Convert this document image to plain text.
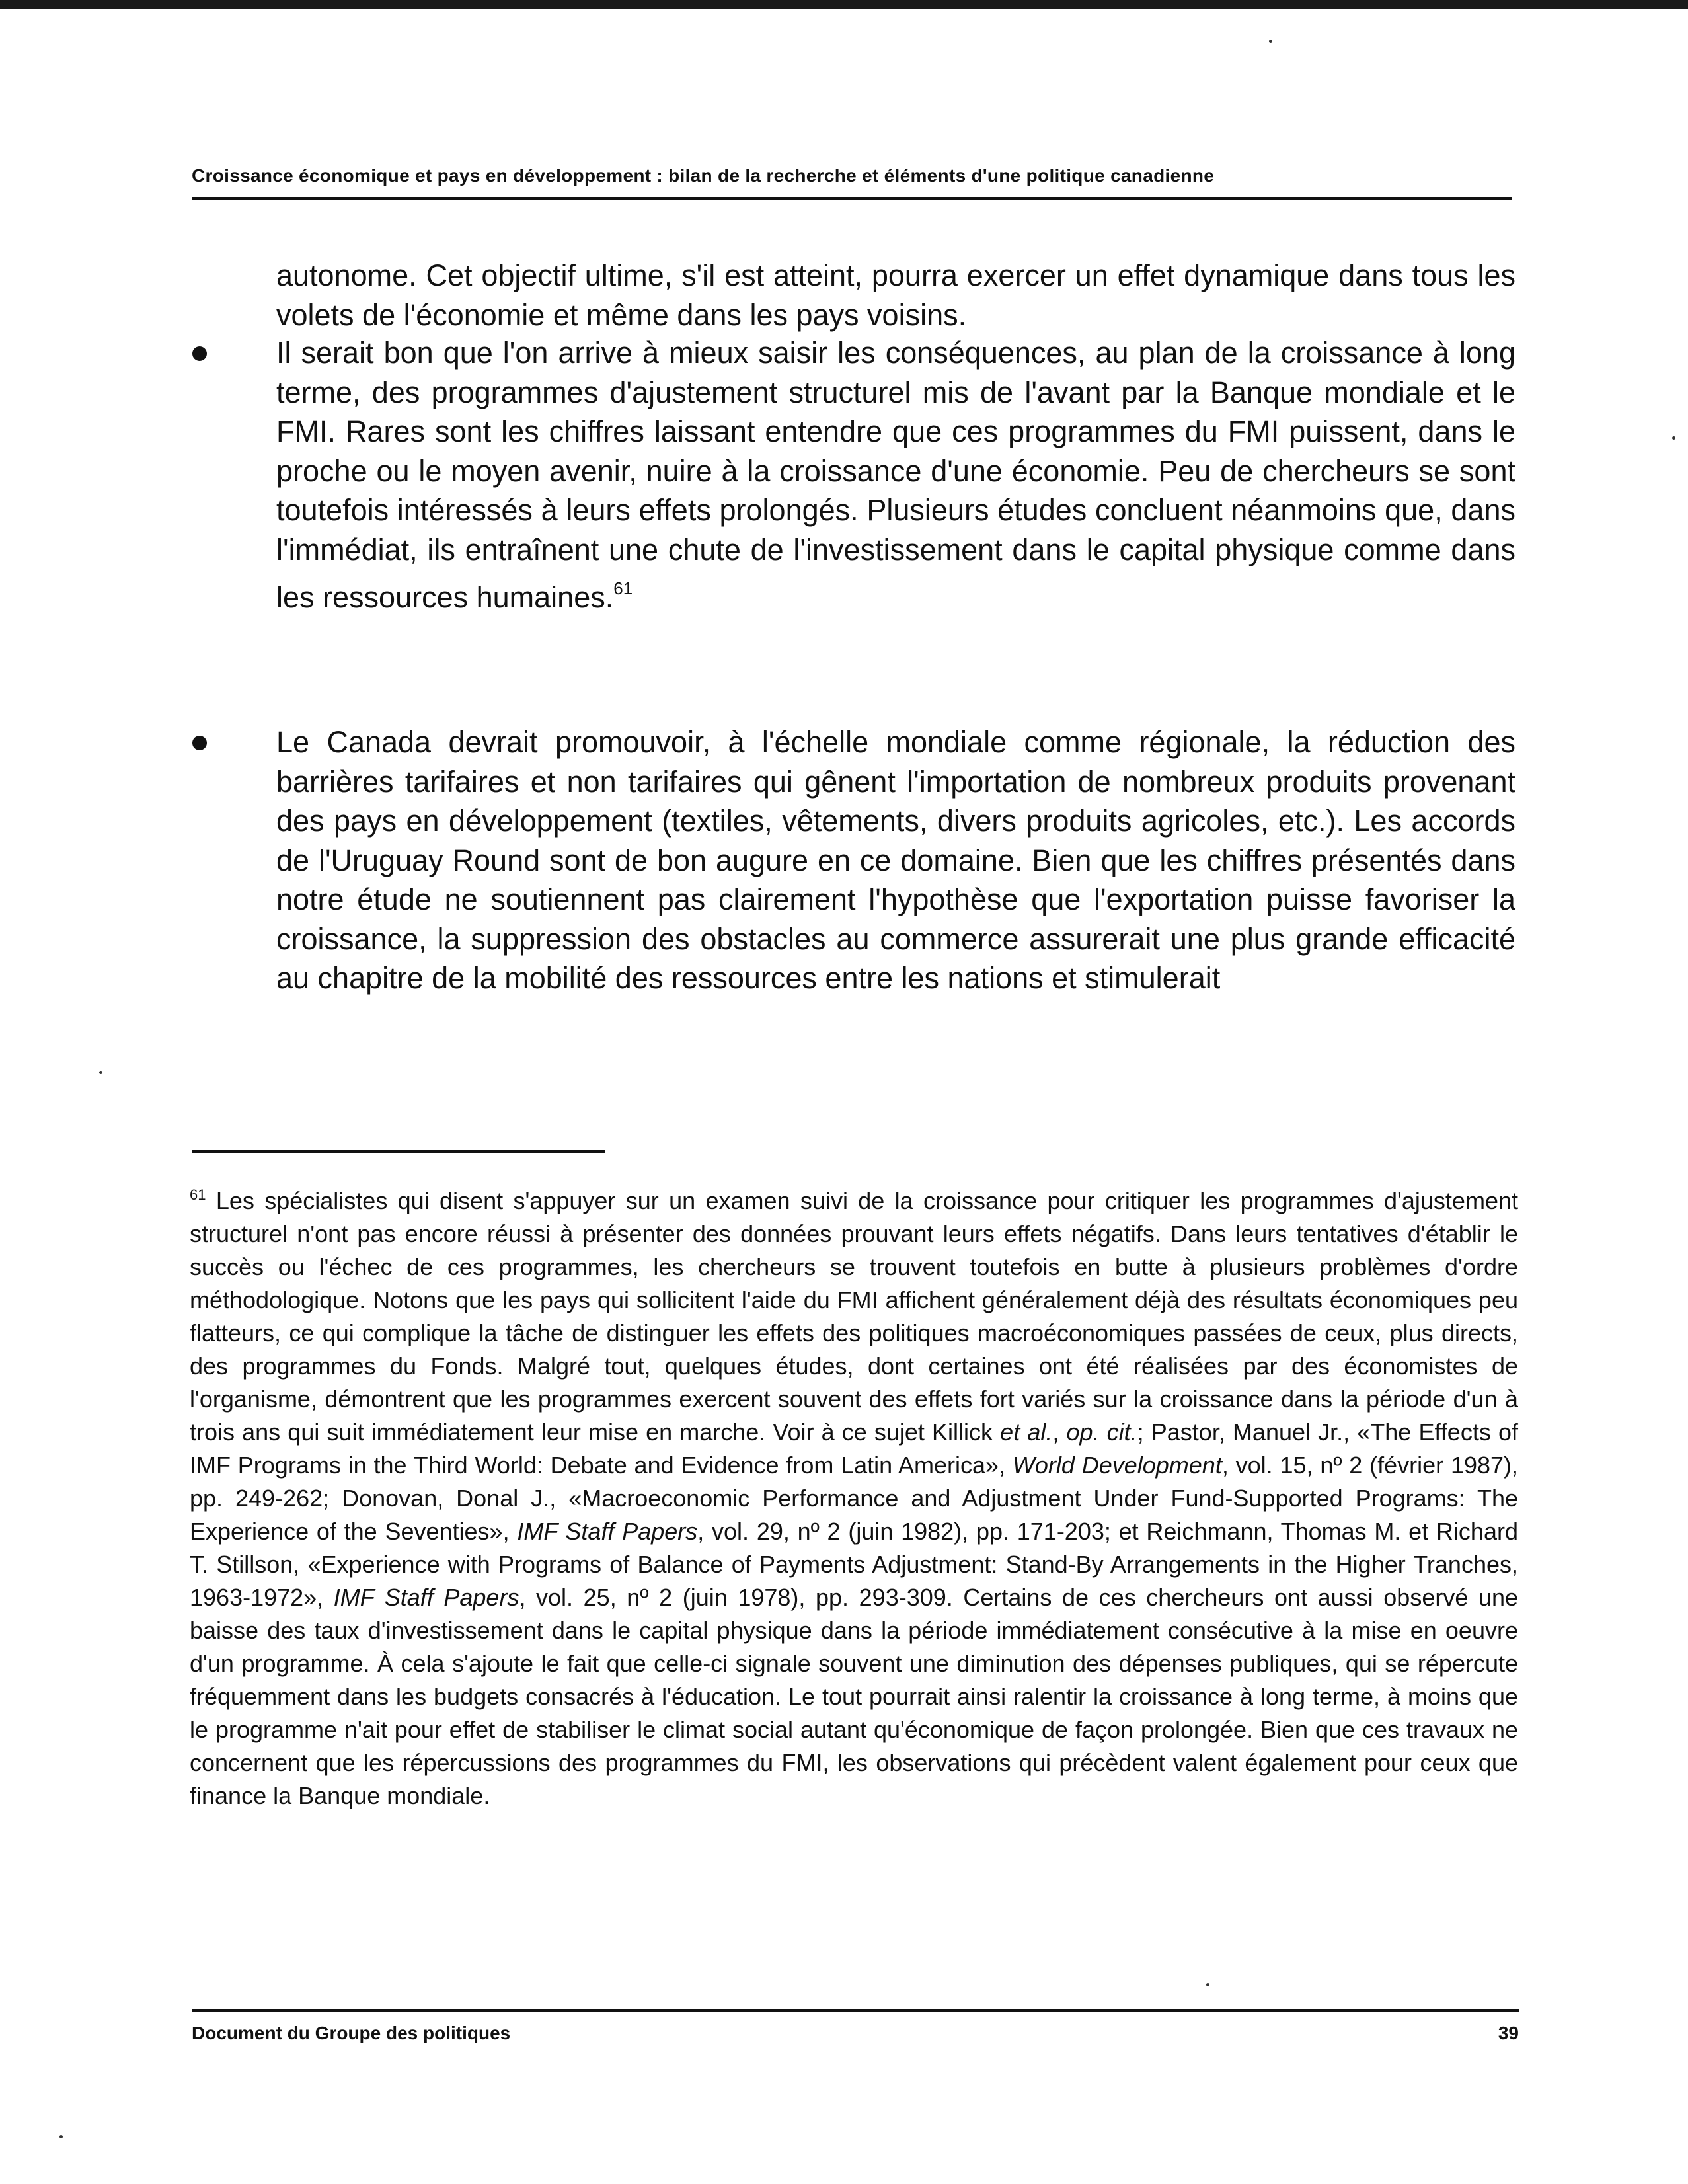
Croissance économique et pays en développement : bilan de la recherche et éléments d'une politique canadienne
autonome. Cet objectif ultime, s'il est atteint, pourra exercer un effet dynamique dans tous les volets de l'économie et même dans les pays voisins.
Il serait bon que l'on arrive à mieux saisir les conséquences, au plan de la croissance à long terme, des programmes d'ajustement structurel mis de l'avant par la Banque mondiale et le FMI. Rares sont les chiffres laissant entendre que ces programmes du FMI puissent, dans le proche ou le moyen avenir, nuire à la croissance d'une économie. Peu de chercheurs se sont toutefois intéressés à leurs effets prolongés. Plusieurs études concluent néanmoins que, dans l'immédiat, ils entraînent une chute de l'investissement dans le capital physique comme dans les ressources humaines.$^{61}$
Le Canada devrait promouvoir, à l'échelle mondiale comme régionale, la réduction des barrières tarifaires et non tarifaires qui gênent l'importation de nombreux produits provenant des pays en développement (textiles, vêtements, divers produits agricoles, etc.). Les accords de l'Uruguay Round sont de bon augure en ce domaine. Bien que les chiffres présentés dans notre étude ne soutiennent pas clairement l'hypothèse que l'exportation puisse favoriser la croissance, la suppression des obstacles au commerce assurerait une plus grande efficacité au chapitre de la mobilité des ressources entre les nations et stimulerait
$^{61}$ Les spécialistes qui disent s'appuyer sur un examen suivi de la croissance pour critiquer les programmes d'ajustement structurel n'ont pas encore réussi à présenter des données prouvant leurs effets négatifs. Dans leurs tentatives d'établir le succès ou l'échec de ces programmes, les chercheurs se trouvent toutefois en butte à plusieurs problèmes d'ordre méthodologique. Notons que les pays qui sollicitent l'aide du FMI affichent généralement déjà des résultats économiques peu flatteurs, ce qui complique la tâche de distinguer les effets des politiques macroéconomiques passées de ceux, plus directs, des programmes du Fonds. Malgré tout, quelques études, dont certaines ont été réalisées par des économistes de l'organisme, démontrent que les programmes exercent souvent des effets fort variés sur la croissance dans la période d'un à trois ans qui suit immédiatement leur mise en marche. Voir à ce sujet Killick et al., op. cit.; Pastor, Manuel Jr., «The Effects of IMF Programs in the Third World: Debate and Evidence from Latin America», World Development, vol. 15, nº 2 (février 1987), pp. 249-262; Donovan, Donal J., «Macroeconomic Performance and Adjustment Under Fund-Supported Programs: The Experience of the Seventies», IMF Staff Papers, vol. 29, nº 2 (juin 1982), pp. 171-203; et Reichmann, Thomas M. et Richard T. Stillson, «Experience with Programs of Balance of Payments Adjustment: Stand-By Arrangements in the Higher Tranches, 1963-1972», IMF Staff Papers, vol. 25, nº 2 (juin 1978), pp. 293-309. Certains de ces chercheurs ont aussi observé une baisse des taux d'investissement dans le capital physique dans la période immédiatement consécutive à la mise en oeuvre d'un programme. À cela s'ajoute le fait que celle-ci signale souvent une diminution des dépenses publiques, qui se répercute fréquemment dans les budgets consacrés à l'éducation. Le tout pourrait ainsi ralentir la croissance à long terme, à moins que le programme n'ait pour effet de stabiliser le climat social autant qu'économique de façon prolongée. Bien que ces travaux ne concernent que les répercussions des programmes du FMI, les observations qui précèdent valent également pour ceux que finance la Banque mondiale.
Document du Groupe des politiques	39
